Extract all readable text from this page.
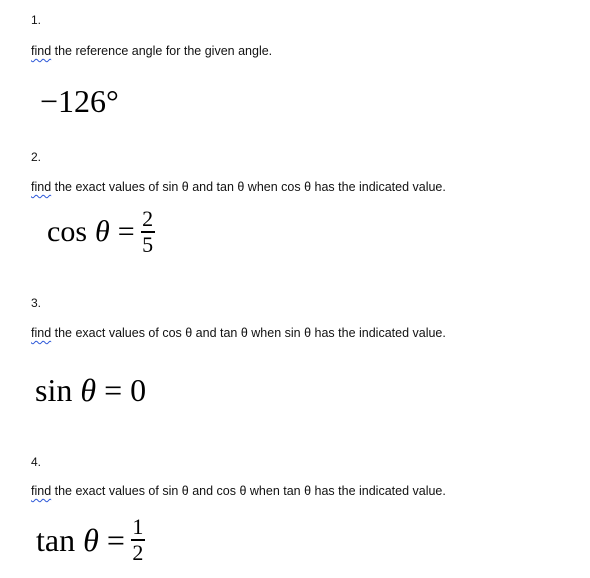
1.
find the reference angle for the given angle.
−126°
2.
find the exact values of sin θ and tan θ when cos θ has the indicated value.
$\cos \theta = \frac{2}{5}$
3.
find the exact values of cos θ and tan θ when sin θ has the indicated value.
sin θ = 0
4.
find the exact values of sin θ and cos θ when tan θ has the indicated value.
$\tan \theta = \frac{1}{2}$
